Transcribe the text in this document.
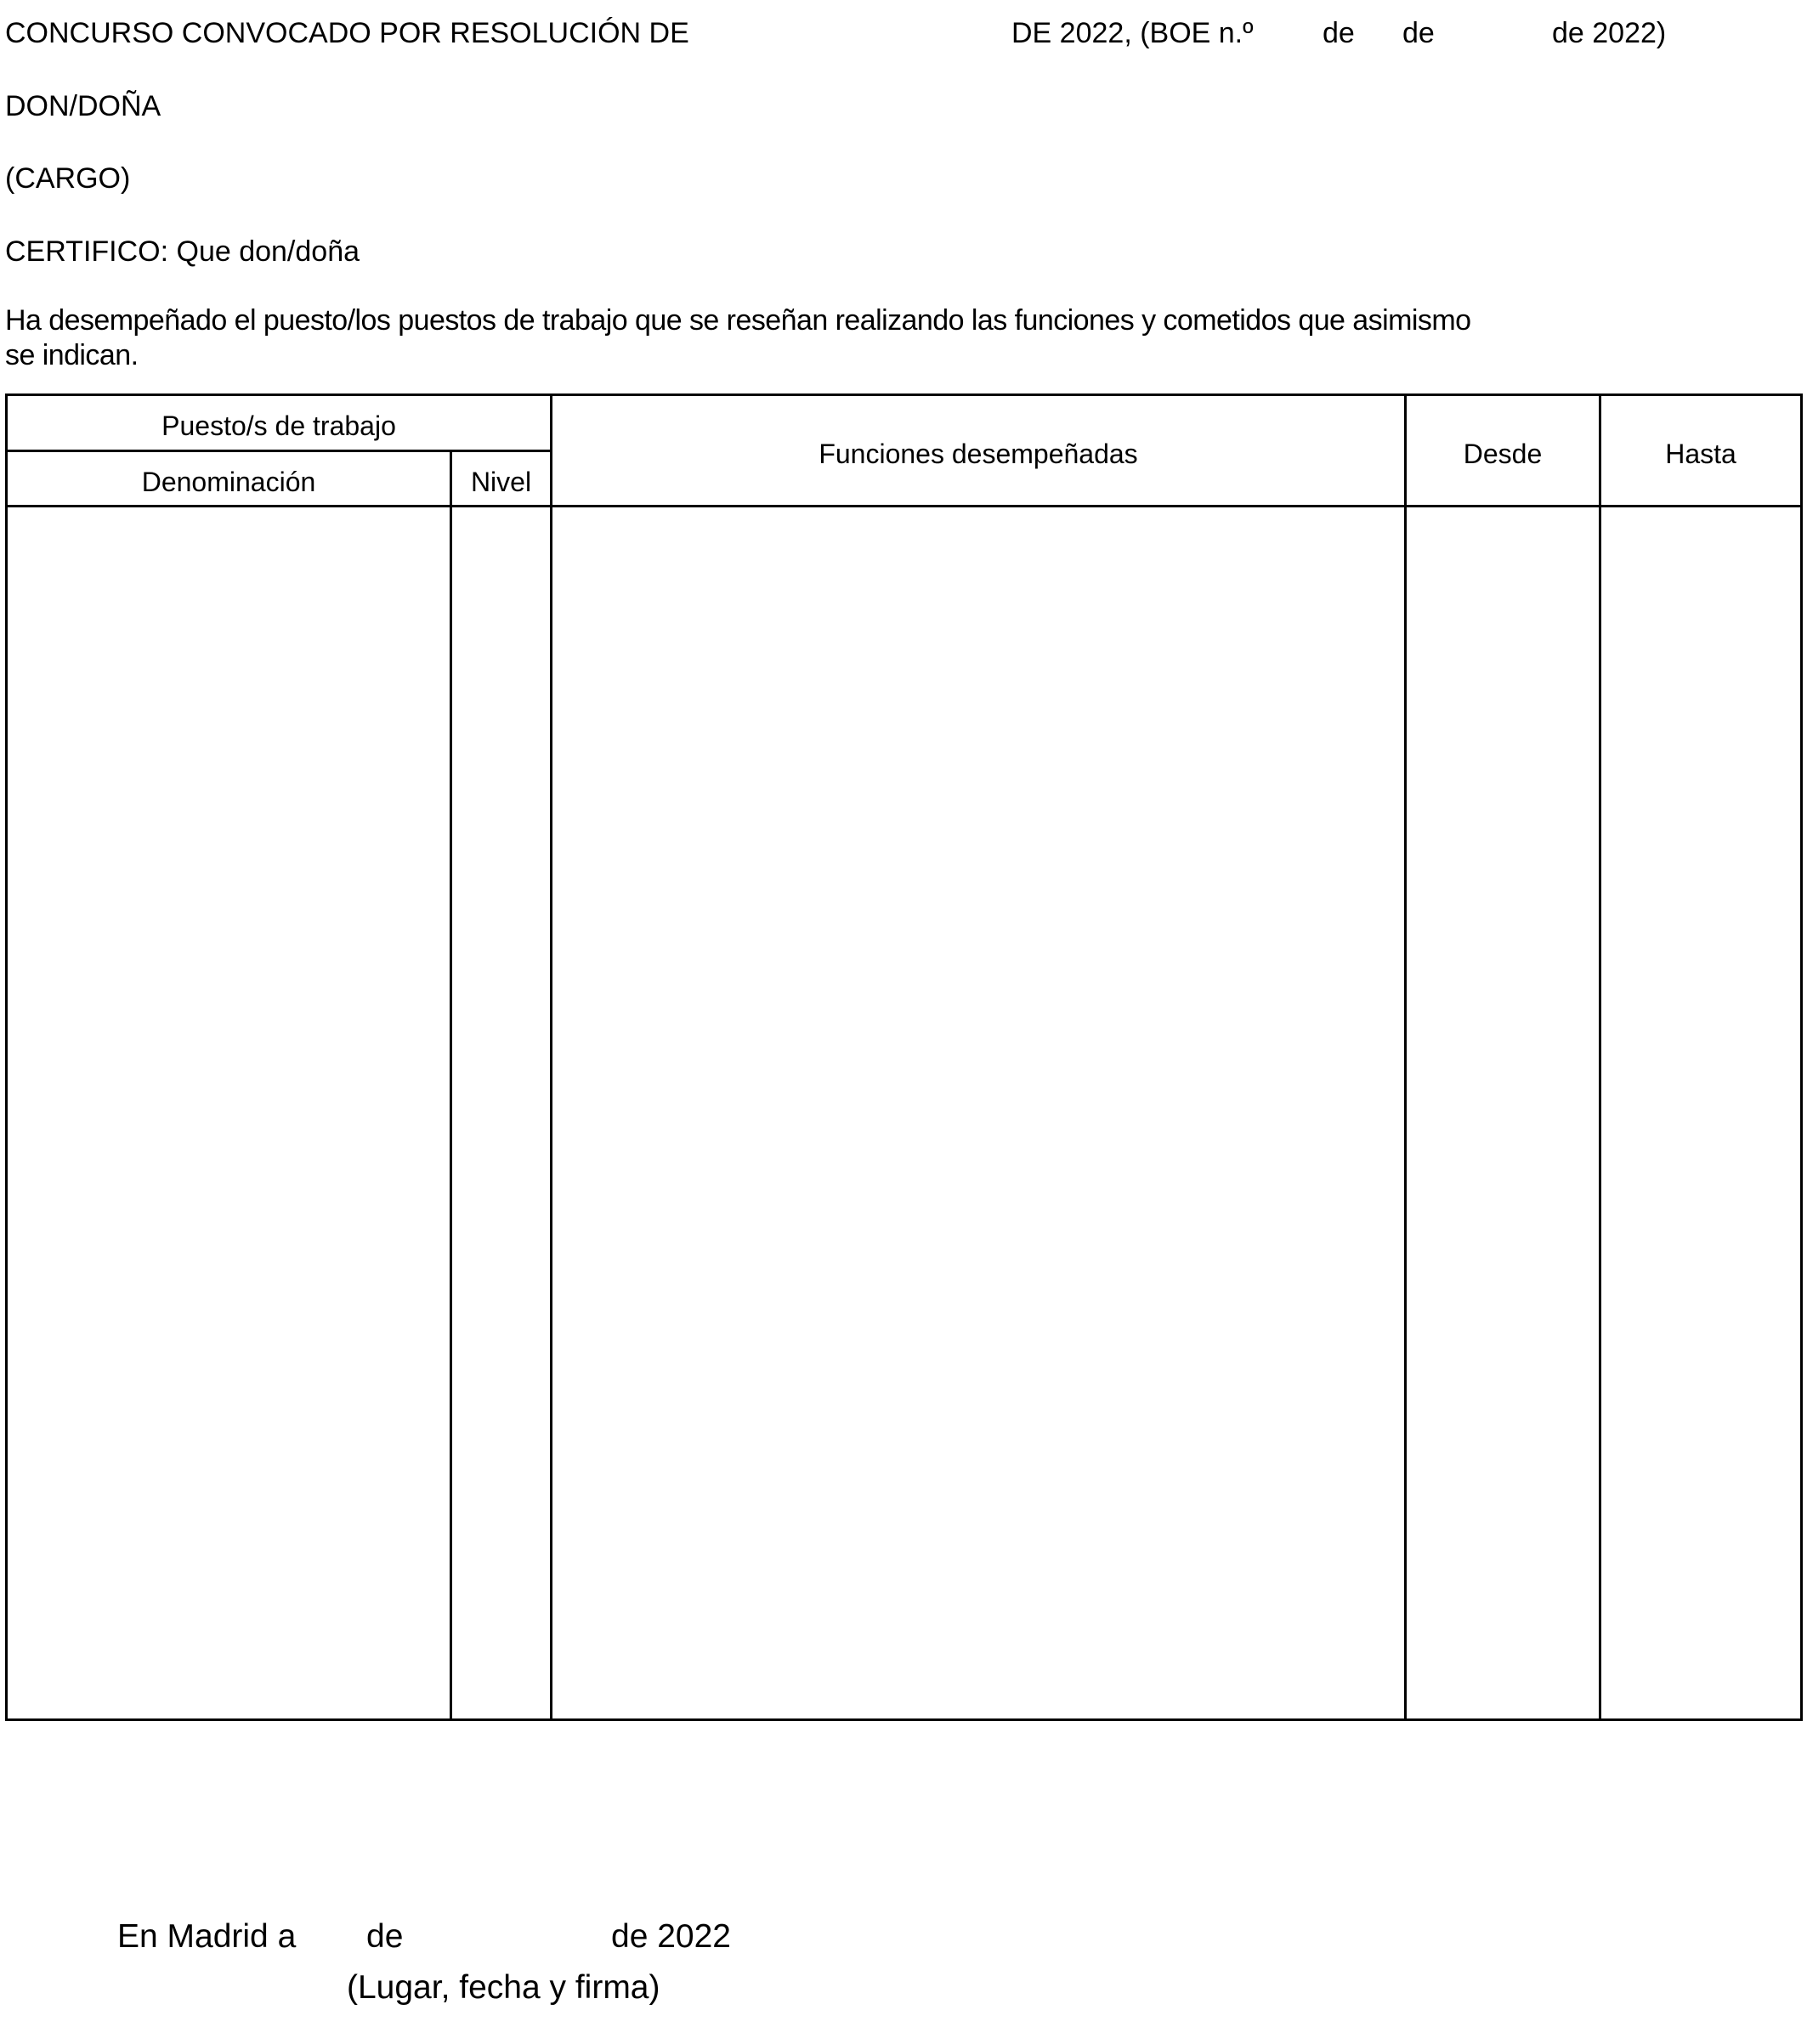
CONCURSO CONVOCADO POR RESOLUCIÓN DE	DE 2022, (BOE n.º de de	de 2022)
DON/DOÑA
(CARGO)
CERTIFICO: Que don/doña
Ha desempeñado el puesto/los puestos de trabajo que se reseñan realizando las funciones y cometidos que asimismo
se indican.
Puesto/s de trabajo
Denominación	Nivel
Funciones desempeñadas	Desde	Hasta
En Madrid a de	de 2022
(Lugar, fecha y firma)
